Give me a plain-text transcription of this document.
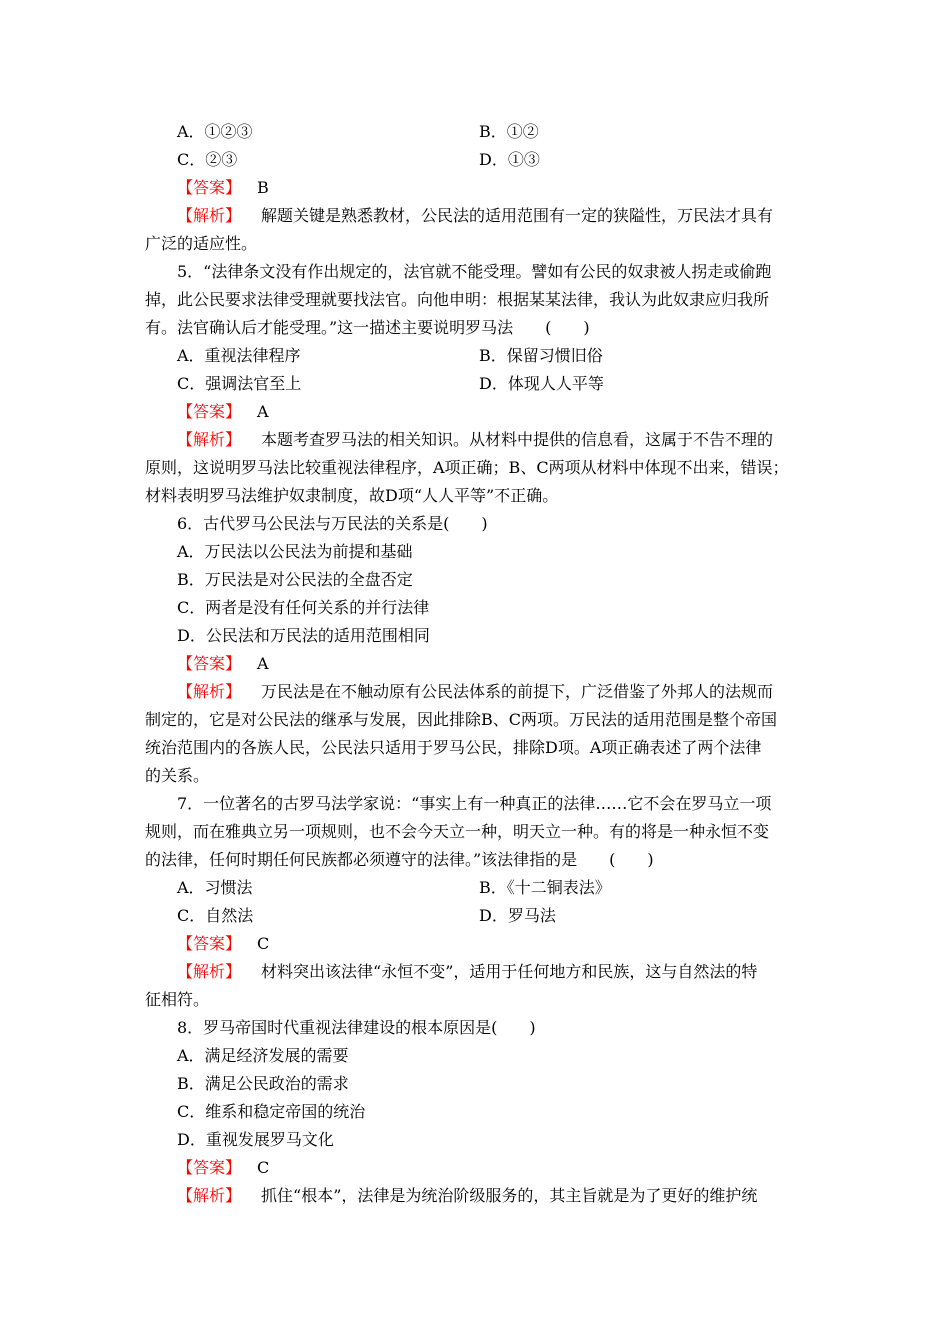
A．①②③	B．①②
C．②③	D．①③
【答案】 B
【解析】 解题关键是熟悉教材，公民法的适用范围有一定的狭隘性，万民法才具有
广泛的适应性。
5．“法律条文没有作出规定的，法官就不能受理。譬如有公民的奴隶被人拐走或偷跑
掉，此公民要求法律受理就要找法官。向他申明：根据某某法律，我认为此奴隶应归我所
有。法官确认后才能受理。”这一描述主要说明罗马法　　(　　)
A．重视法律程序	B．保留习惯旧俗
C．强调法官至上	D．体现人人平等
【答案】 A
【解析】 本题考查罗马法的相关知识。从材料中提供的信息看，这属于不告不理的
原则，这说明罗马法比较重视法律程序，A项正确；B、C两项从材料中体现不出来，错误；
材料表明罗马法维护奴隶制度，故D项“人人平等”不正确。
6．古代罗马公民法与万民法的关系是(　　)
A．万民法以公民法为前提和基础
B．万民法是对公民法的全盘否定
C．两者是没有任何关系的并行法律
D．公民法和万民法的适用范围相同
【答案】 A
【解析】 万民法是在不触动原有公民法体系的前提下，广泛借鉴了外邦人的法规而
制定的，它是对公民法的继承与发展，因此排除B、C两项。万民法的适用范围是整个帝国
统治范围内的各族人民，公民法只适用于罗马公民，排除D项。A项正确表述了两个法律
的关系。
7．一位著名的古罗马法学家说：“事实上有一种真正的法律……它不会在罗马立一项
规则，而在雅典立另一项规则，也不会今天立一种，明天立一种。有的将是一种永恒不变
的法律，任何时期任何民族都必须遵守的法律。”该法律指的是　　(　　)
A．习惯法	B．《十二铜表法》
C．自然法	D．罗马法
【答案】 C
【解析】 材料突出该法律“永恒不变”，适用于任何地方和民族，这与自然法的特
征相符。
8．罗马帝国时代重视法律建设的根本原因是(　　)
A．满足经济发展的需要
B．满足公民政治的需求
C．维系和稳定帝国的统治
D．重视发展罗马文化
【答案】 C
【解析】 抓住“根本”，法律是为统治阶级服务的，其主旨就是为了更好的维护统
